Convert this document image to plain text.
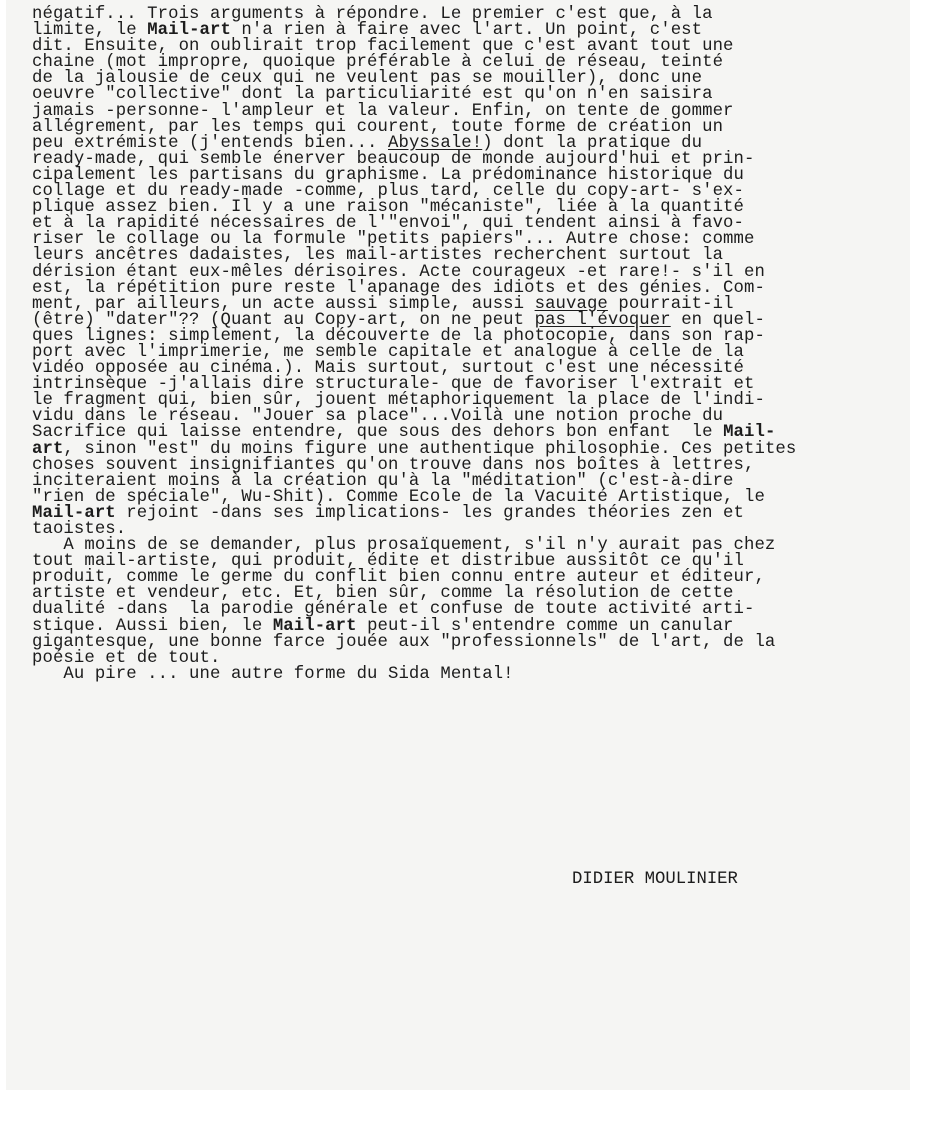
négatif... Trois arguments à répondre. Le premier c'est que, à la
limite, le Mail-art n'a rien à faire avec l'art. Un point, c'est
dit. Ensuite, on oublirait trop facilement que c'est avant tout une
chaine (mot impropre, quoique préférable à celui de réseau, teinté
de la jalousie de ceux qui ne veulent pas se mouiller), donc une
oeuvre "collective" dont la particuliarité est qu'on n'en saisira
jamais -personne- l'ampleur et la valeur. Enfin, on tente de gommer
allégrement, par les temps qui courent, toute forme de création un
peu extrémiste (j'entends bien... Abyssale!) dont la pratique du
ready-made, qui semble énerver beaucoup de monde aujourd'hui et prin-
cipalement les partisans du graphisme. La prédominance historique du
collage et du ready-made -comme, plus tard, celle du copy-art- s'ex-
plique assez bien. Il y a une raison "mécaniste", liée à la quantité
et à la rapidité nécessaires de l'"envoi", qui tendent ainsi à favo-
riser le collage ou la formule "petits papiers"... Autre chose: comme
leurs ancêtres dadaistes, les mail-artistes recherchent surtout la
dérision étant eux-mêles dérisoires. Acte courageux -et rare!- s'il en
est, la répétition pure reste l'apanage des idiots et des génies. Com-
ment, par ailleurs, un acte aussi simple, aussi sauvage pourrait-il
(être) "dater"?? (Quant au Copy-art, on ne peut pas l'évoquer en quel-
ques lignes: simplement, la découverte de la photocopie, dans son rap-
port avec l'imprimerie, me semble capitale et analogue à celle de la
vidéo opposée au cinéma.). Mais surtout, surtout c'est une nécessité
intrinsèque -j'allais dire structurale- que de favoriser l'extrait et
le fragment qui, bien sûr, jouent métaphoriquement la place de l'indi-
vidu dans le réseau. "Jouer sa place"...Voilà une notion proche du
Sacrifice qui laisse entendre, que sous des dehors bon enfant  le Mail-
art, sinon "est" du moins figure une authentique philosophie. Ces petites
choses souvent insignifiantes qu'on trouve dans nos boîtes à lettres,
inciteraient moins à la création qu'à la "méditation" (c'est-à-dire
"rien de spéciale", Wu-Shit). Comme Ecole de la Vacuité Artistique, le
Mail-art rejoint -dans ses implications- les grandes théories zen et
taoistes.
A moins de se demander, plus prosaïquement, s'il n'y aurait pas chez
tout mail-artiste, qui produit, édite et distribue aussitôt ce qu'il
produit, comme le germe du conflit bien connu entre auteur et éditeur,
artiste et vendeur, etc. Et, bien sûr, comme la résolution de cette
dualité -dans  la parodie générale et confuse de toute activité arti-
stique. Aussi bien, le Mail-art peut-il s'entendre comme un canular
gigantesque, une bonne farce jouée aux "professionnels" de l'art, de la
poésie et de tout.
Au pire ... une autre forme du Sida Mental!
DIDIER MOULINIER
